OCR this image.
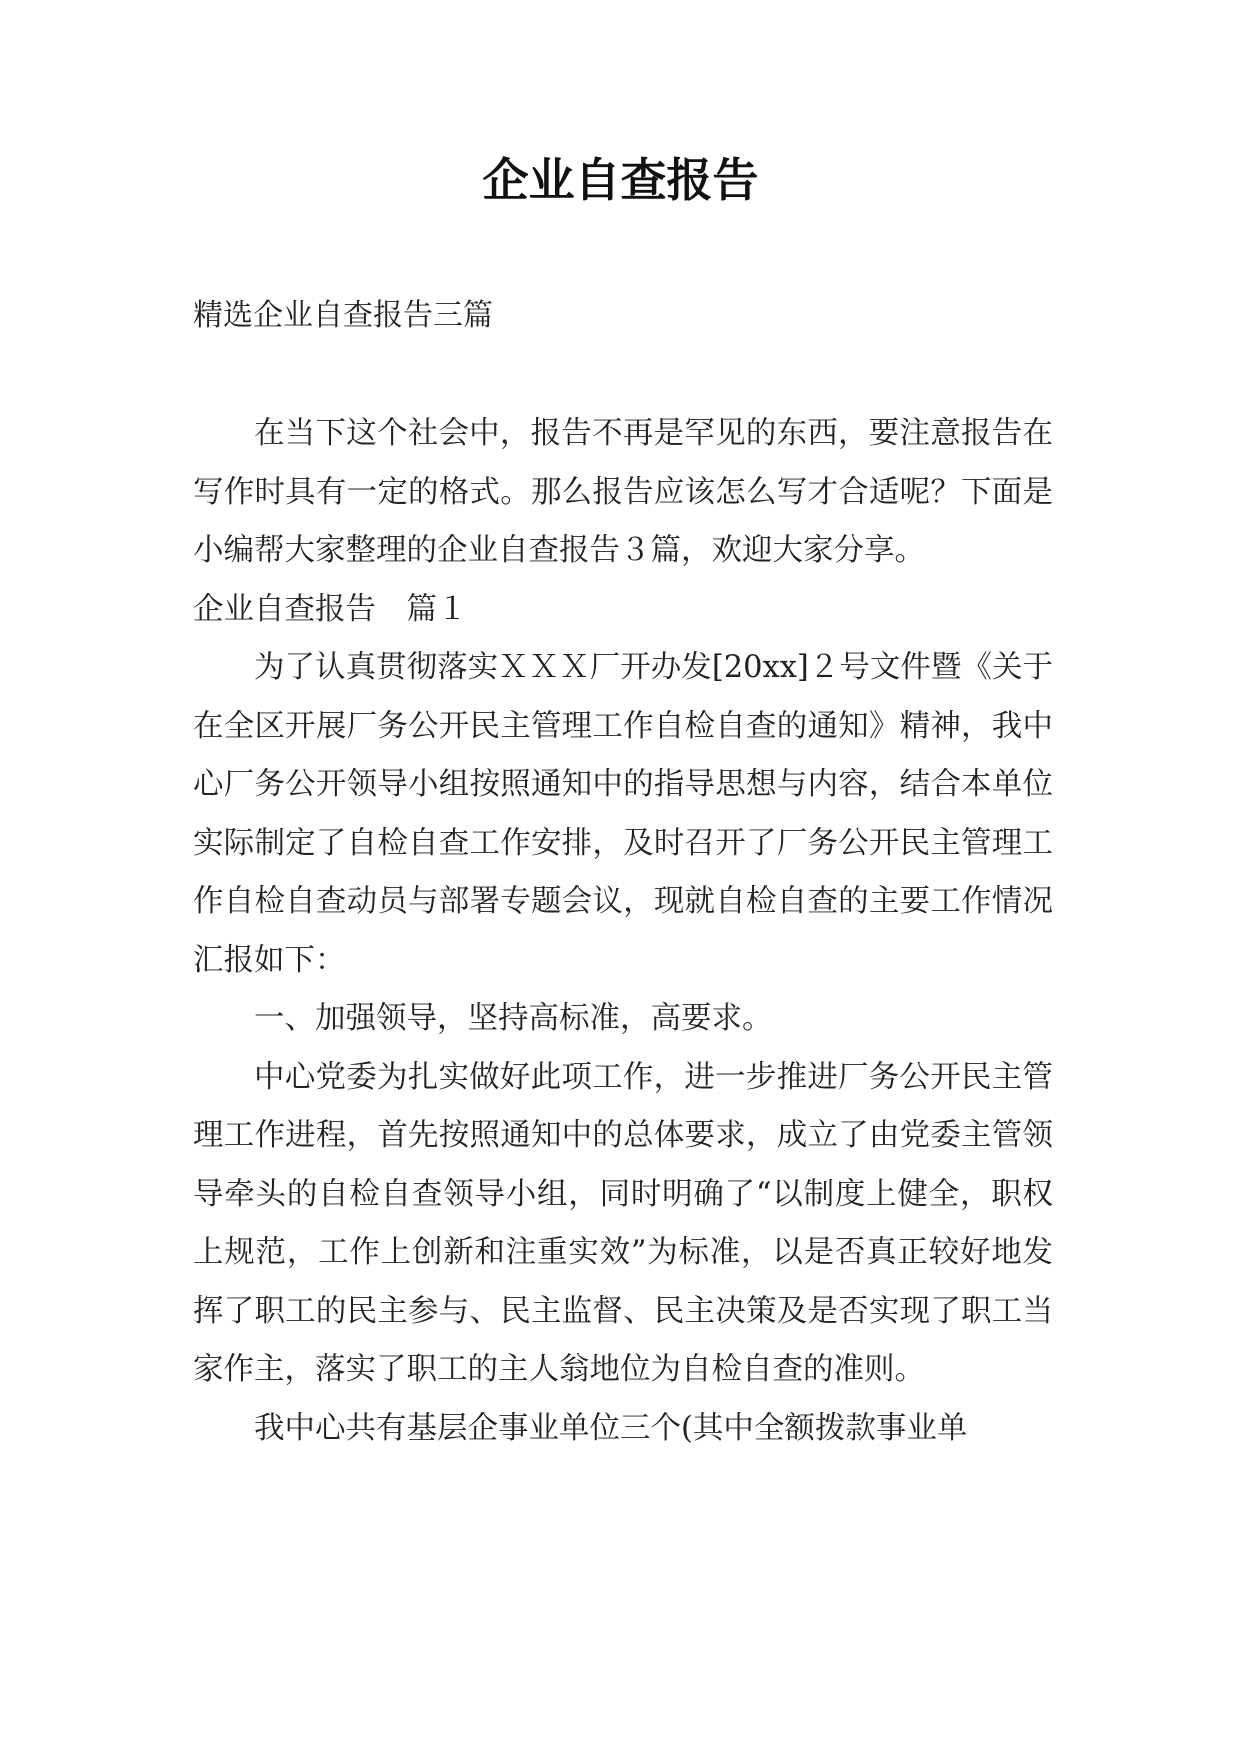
企业自查报告
精选企业自查报告三篇

在当下这个社会中，报告不再是罕见的东西，要注意报告在写作时具有一定的格式。那么报告应该怎么写才合适呢？下面是小编帮大家整理的企业自查报告３篇，欢迎大家分享。

企业自查报告　篇１

为了认真贯彻落实ＸＸＸ厂开办发[20xx]２号文件暨《关于在全区开展厂务公开民主管理工作自检自查的通知》精神，我中心厂务公开领导小组按照通知中的指导思想与内容，结合本单位实际制定了自检自查工作安排，及时召开了厂务公开民主管理工作自检自查动员与部署专题会议，现就自检自查的主要工作情况汇报如下：

一、加强领导，坚持高标准，高要求。

中心党委为扎实做好此项工作，进一步推进厂务公开民主管理工作进程，首先按照通知中的总体要求，成立了由党委主管领导牵头的自检自查领导小组，同时明确了“以制度上健全，职权上规范，工作上创新和注重实效”为标准，以是否真正较好地发挥了职工的民主参与、民主监督、民主决策及是否实现了职工当家作主，落实了职工的主人翁地位为自检自查的准则。

我中心共有基层企事业单位三个(其中全额拨款事业单
